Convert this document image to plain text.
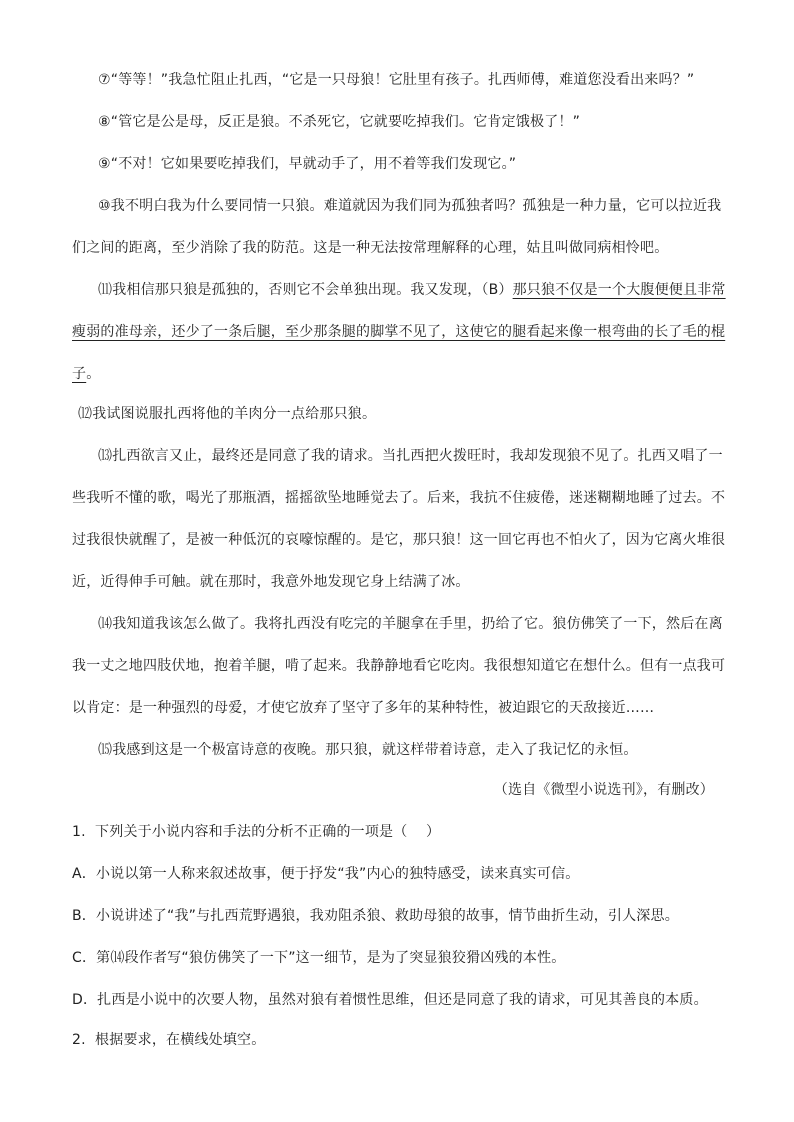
⑦“等等！”我急忙阻止扎西，“它是一只母狼！它肚里有孩子。扎西师傅，难道您没看出来吗？”
⑧“管它是公是母，反正是狼。不杀死它，它就要吃掉我们。它肯定饿极了！”
⑨“不对！它如果要吃掉我们，早就动手了，用不着等我们发现它。”
⑩我不明白我为什么要同情一只狼。难道就因为我们同为孤独者吗？孤独是一种力量，它可以拉近我
们之间的距离，至少消除了我的防范。这是一种无法按常理解释的心理，姑且叫做同病相怜吧。
⑾我相信那只狼是孤独的，否则它不会单独出现。我又发现，（B）那只狼不仅是一个大腹便便且非常
瘦弱的准母亲，还少了一条后腿，至少那条腿的脚掌不见了，这使它的腿看起来像一根弯曲的长了毛的棍
子。
⑿我试图说服扎西将他的羊肉分一点给那只狼。
⒀扎西欲言又止，最终还是同意了我的请求。当扎西把火拨旺时，我却发现狼不见了。扎西又唱了一
些我听不懂的歌，喝光了那瓶酒，摇摇欲坠地睡觉去了。后来，我抗不住疲倦，迷迷糊糊地睡了过去。不
过我很快就醒了，是被一种低沉的哀嚎惊醒的。是它，那只狼！这一回它再也不怕火了，因为它离火堆很
近，近得伸手可触。就在那时，我意外地发现它身上结满了冰。
⒁我知道我该怎么做了。我将扎西没有吃完的羊腿拿在手里，扔给了它。狼仿佛笑了一下，然后在离
我一丈之地四肢伏地，抱着羊腿，啃了起来。我静静地看它吃肉。我很想知道它在想什么。但有一点我可
以肯定：是一种强烈的母爱，才使它放弃了坚守了多年的某种特性，被迫跟它的天敌接近……
⒂我感到这是一个极富诗意的夜晚。那只狼，就这样带着诗意，走入了我记忆的永恒。
（选自《微型小说选刊》，有删改）
1.  下列关于小说内容和手法的分析不正确的一项是（    ）
A．小说以第一人称来叙述故事，便于抒发“我”内心的独特感受，读来真实可信。
B．小说讲述了“我”与扎西荒野遇狼，我劝阻杀狼、救助母狼的故事，情节曲折生动，引人深思。
C．第⒁段作者写“狼仿佛笑了一下”这一细节，是为了突显狼狡猾凶残的本性。
D．扎西是小说中的次要人物，虽然对狼有着惯性思维，但还是同意了我的请求，可见其善良的本质。
2.  根据要求，在横线处填空。
